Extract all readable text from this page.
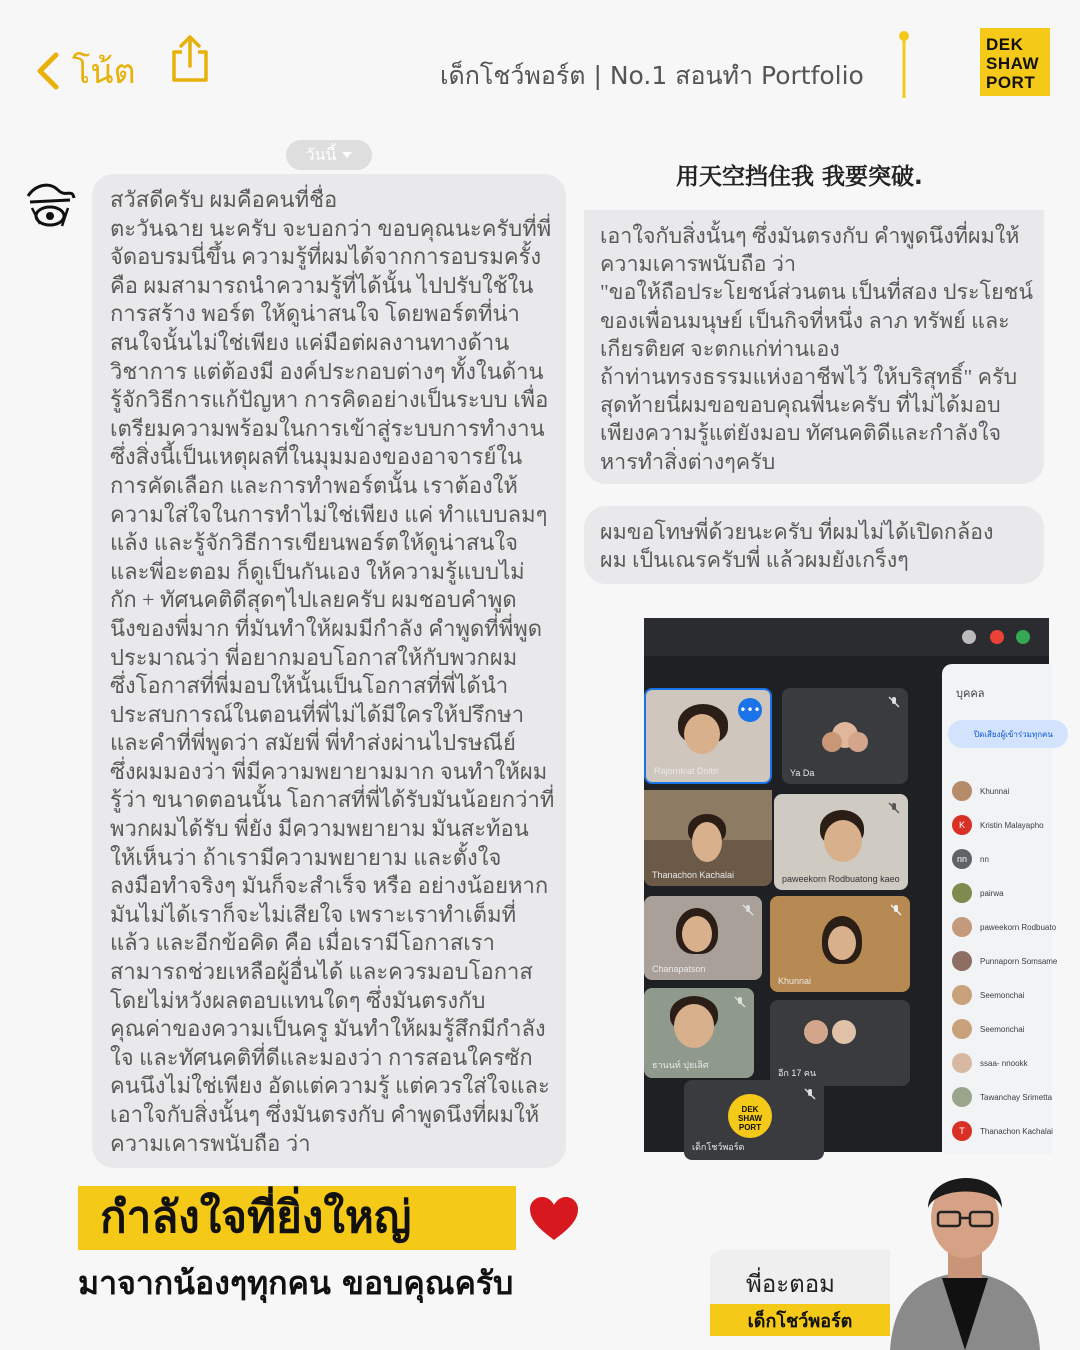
โน้ต	เด็กโชว์พอร์ต | No.1 สอนทำ Portfolio
DEK
SHAW
PORT
วันนี้
สวัสดีครับ ผมคือคนที่ชื่อ
ตะวันฉาย นะครับ จะบอกว่า ขอบคุณนะครับที่พี่
จัดอบรมนี่ขึ้น ความรู้ที่ผมได้จากการอบรมครั้ง
คือ ผมสามารถนำความรู้ที่ได้นั้น ไปปรับใช้ใน
การสร้าง พอร์ต ให้ดูน่าสนใจ โดยพอร์ตที่น่า
สนใจนั้นไม่ใช่เพียง แค่มือต่ผลงานทางด้าน
วิชาการ แต่ต้องมี องค์ประกอบต่างๆ ทั้งในด้าน
รู้จักวิธีการแก้ปัญหา การคิดอย่างเป็นระบบ เพื่อ
เตรียมความพร้อมในการเข้าสู่ระบบการทำงาน
ซึ่งสิ่งนี้เป็นเหตุผลที่ในมุมมองของอาจารย์ใน
การคัดเลือก และการทำพอร์ตนั้น เราต้องให้
ความใส่ใจในการทำไม่ใช่เพียง แค่ ทำแบบลมๆ
แล้ง และรู้จักวิธีการเขียนพอร์ตให้ดูน่าสนใจ
และพี่อะตอม ก็ดูเป็นกันเอง ให้ความรู้แบบไม่
กัก + ทัศนคติดีสุดๆไปเลยครับ ผมชอบคำพูด
นึงของพี่มาก ที่มันทำให้ผมมีกำลัง คำพูดที่พี่พูด
ประมาณว่า พี่อยากมอบโอกาสให้กับพวกผม
ซึ่งโอกาสที่พี่มอบให้นั้นเป็นโอกาสที่พี่ได้นำ
ประสบการณ์ในตอนที่พี่ไม่ได้มีใครให้ปรึกษา
และคำที่พี่พูดว่า สมัยพี่ พี่ทำส่งผ่านไปรษณีย์
ซึ่งผมมองว่า พี่มีความพยายามมาก จนทำให้ผม
รู้ว่า ขนาดตอนนั้น โอกาสที่พี่ได้รับมันน้อยกว่าที่
พวกผมได้รับ พี่ยัง มีความพยายาม มันสะท้อน
ให้เห็นว่า ถ้าเรามีความพยายาม และตั้งใจ
ลงมือทำจริงๆ มันก็จะสำเร็จ หรือ อย่างน้อยหาก
มันไม่ได้เราก็จะไม่เสียใจ เพราะเราทำเต็มที่
แล้ว และอีกข้อคิด คือ เมื่อเรามีโอกาสเรา
สามารถช่วยเหลือผู้อื่นได้ และควรมอบโอกาส
โดยไม่หวังผลตอบแทนใดๆ ซึ่งมันตรงกับ
คุณค่าของความเป็นครู มันทำให้ผมรู้สึกมีกำลัง
ใจ และทัศนคติที่ดีและมองว่า การสอนใครซัก
คนนึงไม่ใช่เพียง อัดแต่ความรู้ แต่ควรใส่ใจและ
เอาใจกับสิ่งนั้นๆ ซึ่งมันตรงกับ คำพูดนึงที่ผมให้
ความเคารพนับถือ ว่า
用天空挡住我 我要突破.
เอาใจกับสิ่งนั้นๆ ซึ่งมันตรงกับ คำพูดนึงที่ผมให้
ความเคารพนับถือ ว่า
"ขอให้ถือประโยชน์ส่วนตน เป็นที่สอง ประโยชน์
ของเพื่อนมนุษย์ เป็นกิจที่หนึ่ง ลาภ ทรัพย์ และ
เกียรติยศ จะตกแก่ท่านเอง
ถ้าท่านทรงธรรมแห่งอาชีพไว้ ให้บริสุทธิ์" ครับ
สุดท้ายนี่ผมขอขอบคุณพี่นะครับ ที่ไม่ได้มอบ
เพียงความรู้แต่ยังมอบ ทัศนคติดีและกำลังใจ
หารทำสิ่งต่างๆครับ
ผมขอโทษพี่ด้วยนะครับ ที่ผมไม่ได้เปิดกล้อง
ผม เป็นเณรครับพี่ แล้วผมยังเกร็งๆ
•••
Rajornkiat Doltri	Ya Da
Thanachon Kachalai	paweekorn Rodbuatong kaeo
Chanapatson
Khunnai
ธานนท์ ปุยเลิศ
อีก 17 คน
DEK
SHAW
PORT
เด็กโชว์พอร์ต
บุคคล
ปิดเสียงผู้เข้าร่วมทุกคน
Khunnai
K	Kristin Malayapho
nn	nn
pairwa
paweekorn Rodbuato
Punnaporn Somsame
Seemonchai
Seemonchai
ssaa- nnookk
Tawanchay Srimetta
T	Thanachon Kachalai
กำลังใจที่ยิ่งใหญ่
มาจากน้องๆทุกคน ขอบคุณครับ	พี่อะตอม
เด็กโชว์พอร์ต
